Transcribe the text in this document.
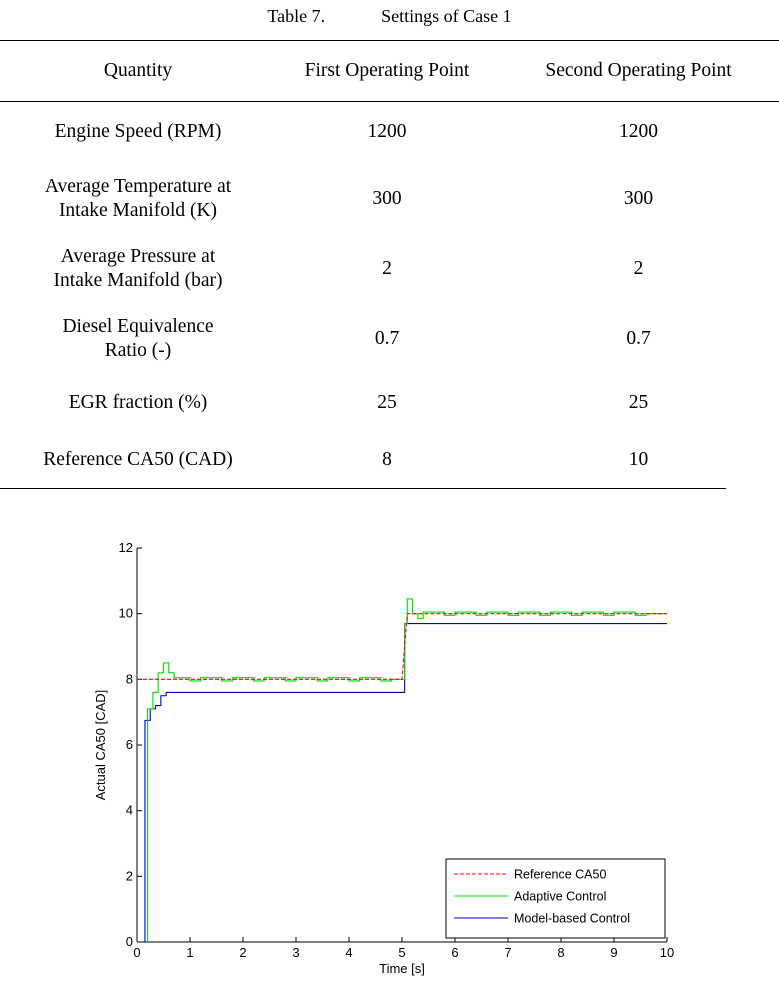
Table 7.	Settings of Case 1
Quantity	First Operating Point	Second Operating Point
Engine Speed (RPM)	1200	1200
Average Temperature at
Intake Manifold (K)	300	300
Average Pressure at
Intake Manifold (bar)	2	2
Diesel Equivalence
Ratio (-)	0.7	0.7
EGR fraction (%)	25	25
Reference CA50 (CAD)	8	10
0	1	2	3	4	5	6	7	8	9	10
0
2
4
6
8
10
12
Time [s]
Actual CA50 [CAD]
Reference CA50
Adaptive Control
Model-based Control
